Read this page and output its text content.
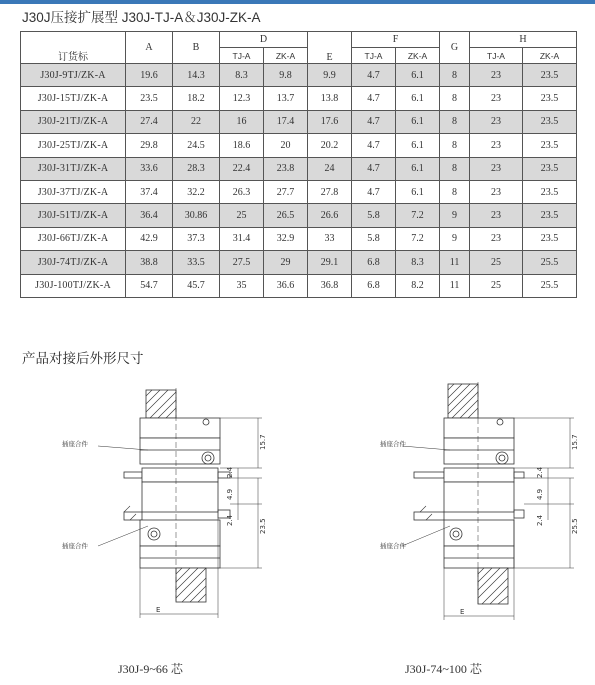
J30J压接扩展型 J30J-TJ-A＆J30J-ZK-A
订货标	A	B	D		E	F		G	H	
			TJ-A	ZK-A		TJ-A	ZK-A		TJ-A	ZK-A
J30J-9TJ/ZK-A	19.6	14.3	8.3	9.8	9.9	4.7	6.1	8	23	23.5
J30J-15TJ/ZK-A	23.5	18.2	12.3	13.7	13.8	4.7	6.1	8	23	23.5
J30J-21TJ/ZK-A	27.4	22	16	17.4	17.6	4.7	6.1	8	23	23.5
J30J-25TJ/ZK-A	29.8	24.5	18.6	20	20.2	4.7	6.1	8	23	23.5
J30J-31TJ/ZK-A	33.6	28.3	22.4	23.8	24	4.7	6.1	8	23	23.5
J30J-37TJ/ZK-A	37.4	32.2	26.3	27.7	27.8	4.7	6.1	8	23	23.5
J30J-51TJ/ZK-A	36.4	30.86	25	26.5	26.6	5.8	7.2	9	23	23.5
J30J-66TJ/ZK-A	42.9	37.3	31.4	32.9	33	5.8	7.2	9	23	23.5
J30J-74TJ/ZK-A	38.8	33.5	27.5	29	29.1	6.8	8.3	11	25	25.5
J30J-100TJ/ZK-A	54.7	45.7	35	36.6	36.8	6.8	8.2	11	25	25.5
产品对接后外形尺寸
插座合件
插座合件
15.7
2.4
4.9
2.4	23.5
E
插座合件
插座合件
15.7
2.4
4.9
2.4	25.5
E
J30J-9~66 芯	J30J-74~100 芯
